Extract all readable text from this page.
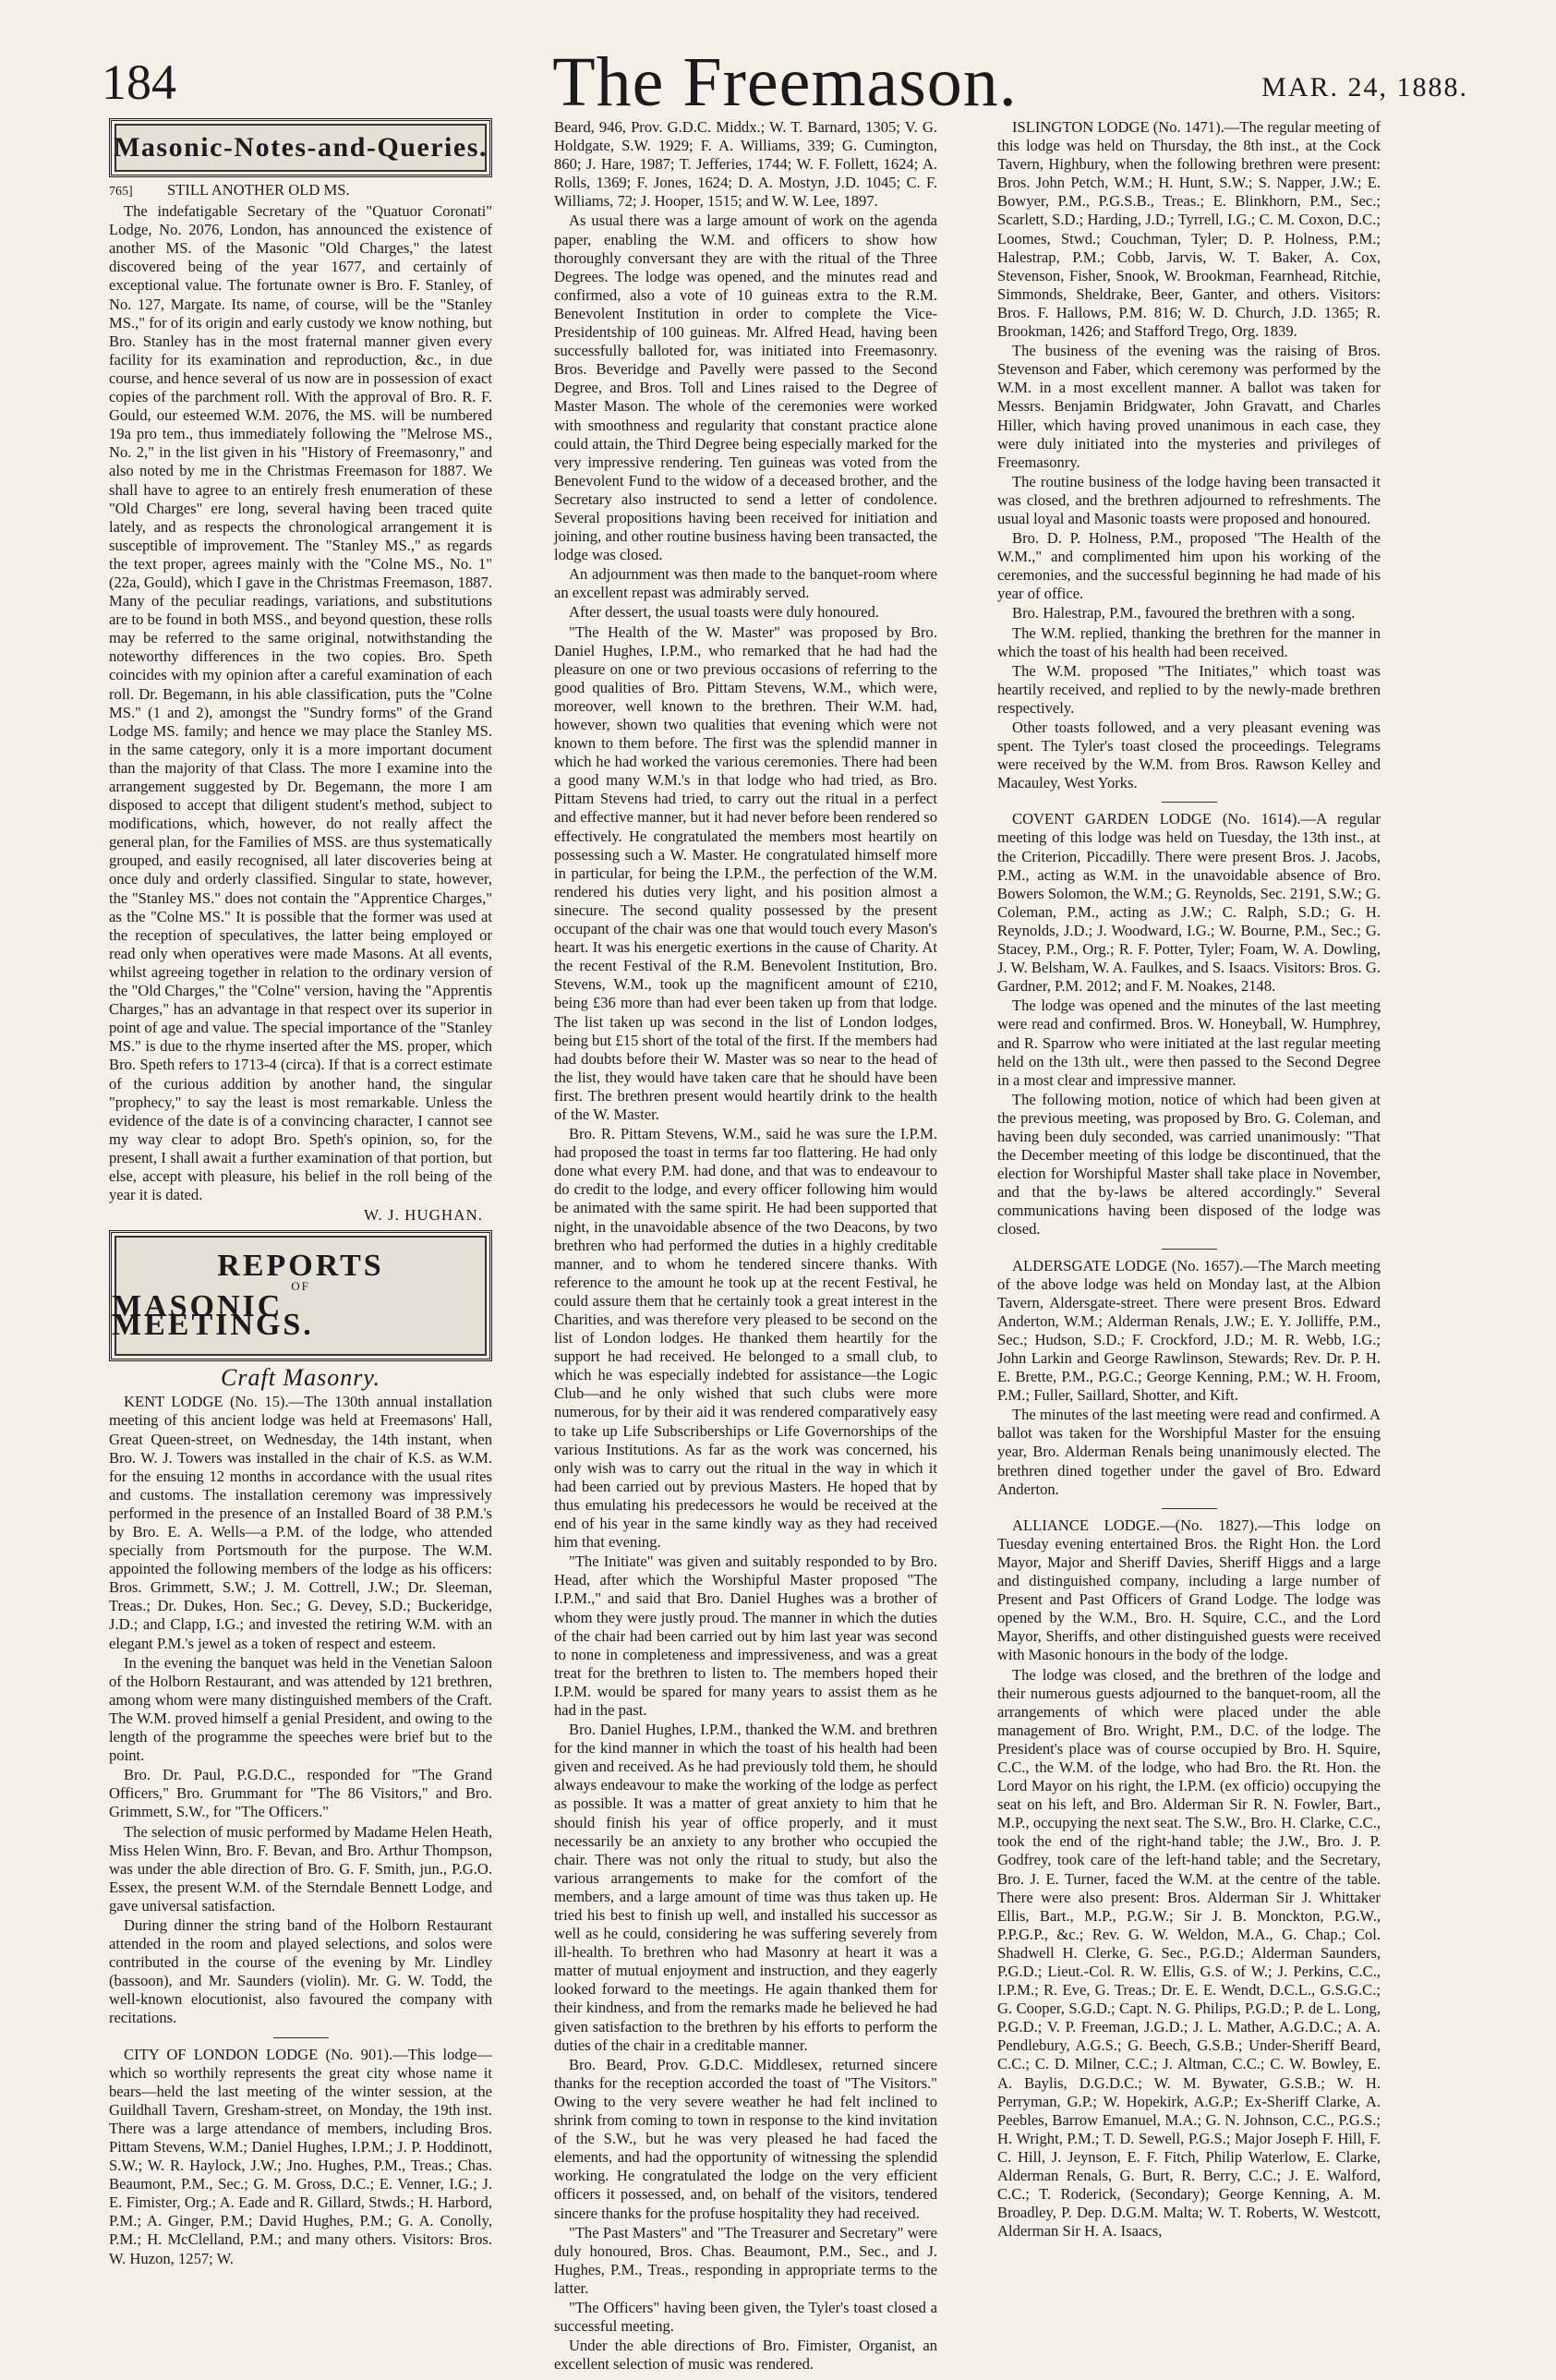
184	The Freemason.	MAR. 24, 1888.
Masonic-Notes-and-Queries.

765] STILL ANOTHER OLD MS.

The indefatigable Secretary of the "Quatuor Coronati" Lodge, No. 2076, London, has announced the existence of another MS. of the Masonic "Old Charges," the latest discovered being of the year 1677, and certainly of exceptional value. The fortunate owner is Bro. F. Stanley, of No. 127, Margate. Its name, of course, will be the "Stanley MS.," for of its origin and early custody we know nothing, but Bro. Stanley has in the most fraternal manner given every facility for its examination and reproduction, &c., in due course, and hence several of us now are in possession of exact copies of the parchment roll. With the approval of Bro. R. F. Gould, our esteemed W.M. 2076, the MS. will be numbered 19a pro tem., thus immediately following the "Melrose MS., No. 2," in the list given in his "History of Freemasonry," and also noted by me in the Christmas Freemason for 1887. We shall have to agree to an entirely fresh enumeration of these "Old Charges" ere long, several having been traced quite lately, and as respects the chronological arrangement it is susceptible of improvement. The "Stanley MS.," as regards the text proper, agrees mainly with the "Colne MS., No. 1" (22a, Gould), which I gave in the Christmas Freemason, 1887. Many of the peculiar readings, variations, and substitutions are to be found in both MSS., and beyond question, these rolls may be referred to the same original, notwithstanding the noteworthy differences in the two copies. Bro. Speth coincides with my opinion after a careful examination of each roll. Dr. Begemann, in his able classification, puts the "Colne MS." (1 and 2), amongst the "Sundry forms" of the Grand Lodge MS. family; and hence we may place the Stanley MS. in the same category, only it is a more important document than the majority of that Class. The more I examine into the arrangement suggested by Dr. Begemann, the more I am disposed to accept that diligent student's method, subject to modifications, which, however, do not really affect the general plan, for the Families of MSS. are thus systematically grouped, and easily recognised, all later discoveries being at once duly and orderly classified. Singular to state, however, the "Stanley MS." does not contain the "Apprentice Charges," as the "Colne MS." It is possible that the former was used at the reception of speculatives, the latter being employed or read only when operatives were made Masons. At all events, whilst agreeing together in relation to the ordinary version of the "Old Charges," the "Colne" version, having the "Apprentis Charges," has an advantage in that respect over its superior in point of age and value. The special importance of the "Stanley MS." is due to the rhyme inserted after the MS. proper, which Bro. Speth refers to 1713-4 (circa). If that is a correct estimate of the curious addition by another hand, the singular "prophecy," to say the least is most remarkable. Unless the evidence of the date is of a convincing character, I cannot see my way clear to adopt Bro. Speth's opinion, so, for the present, I shall await a further examination of that portion, but else, accept with pleasure, his belief in the roll being of the year it is dated.

W. J. HUGHAN.
REPORTS
OF
MASONIC MEETINGS.
Craft Masonry.

KENT LODGE (No. 15).—The 130th annual installation meeting of this ancient lodge was held at Freemasons' Hall, Great Queen-street, on Wednesday, the 14th instant, when Bro. W. J. Towers was installed in the chair of K.S. as W.M. for the ensuing 12 months in accordance with the usual rites and customs. The installation ceremony was impressively performed in the presence of an Installed Board of 38 P.M.'s by Bro. E. A. Wells—a P.M. of the lodge, who attended specially from Portsmouth for the purpose. The W.M. appointed the following members of the lodge as his officers: Bros. Grimmett, S.W.; J. M. Cottrell, J.W.; Dr. Sleeman, Treas.; Dr. Dukes, Hon. Sec.; G. Devey, S.D.; Buckeridge, J.D.; and Clapp, I.G.; and invested the retiring W.M. with an elegant P.M.'s jewel as a token of respect and esteem.

In the evening the banquet was held in the Venetian Saloon of the Holborn Restaurant, and was attended by 121 brethren, among whom were many distinguished members of the Craft. The W.M. proved himself a genial President, and owing to the length of the programme the speeches were brief but to the point.

Bro. Dr. Paul, P.G.D.C., responded for "The Grand Officers," Bro. Grummant for "The 86 Visitors," and Bro. Grimmett, S.W., for "The Officers."

The selection of music performed by Madame Helen Heath, Miss Helen Winn, Bro. F. Bevan, and Bro. Arthur Thompson, was under the able direction of Bro. G. F. Smith, jun., P.G.O. Essex, the present W.M. of the Sterndale Bennett Lodge, and gave universal satisfaction.

During dinner the string band of the Holborn Restaurant attended in the room and played selections, and solos were contributed in the course of the evening by Mr. Lindley (bassoon), and Mr. Saunders (violin). Mr. G. W. Todd, the well-known elocutionist, also favoured the company with recitations.

CITY OF LONDON LODGE (No. 901).—This lodge—which so worthily represents the great city whose name it bears—held the last meeting of the winter session, at the Guildhall Tavern, Gresham-street, on Monday, the 19th inst. There was a large attendance of members, including Bros. Pittam Stevens, W.M.; Daniel Hughes, I.P.M.; J. P. Hoddinott, S.W.; W. R. Haylock, J.W.; Jno. Hughes, P.M., Treas.; Chas. Beaumont, P.M., Sec.; G. M. Gross, D.C.; E. Venner, I.G.; J. E. Fimister, Org.; A. Eade and R. Gillard, Stwds.; H. Harbord, P.M.; A. Ginger, P.M.; David Hughes, P.M.; G. A. Conolly, P.M.; H. McClelland, P.M.; and many others. Visitors: Bros. W. Huzon, 1257; W.

Beard, 946, Prov. G.D.C. Middx.; W. T. Barnard, 1305; V. G. Holdgate, S.W. 1929; F. A. Williams, 339; G. Cumington, 860; J. Hare, 1987; T. Jefferies, 1744; W. F. Follett, 1624; A. Rolls, 1369; F. Jones, 1624; D. A. Mostyn, J.D. 1045; C. F. Williams, 72; J. Hooper, 1515; and W. W. Lee, 1897.

As usual there was a large amount of work on the agenda paper, enabling the W.M. and officers to show how thoroughly conversant they are with the ritual of the Three Degrees. The lodge was opened, and the minutes read and confirmed, also a vote of 10 guineas extra to the R.M. Benevolent Institution in order to complete the Vice-Presidentship of 100 guineas. Mr. Alfred Head, having been successfully balloted for, was initiated into Freemasonry. Bros. Beveridge and Pavelly were passed to the Second Degree, and Bros. Toll and Lines raised to the Degree of Master Mason. The whole of the ceremonies were worked with smoothness and regularity that constant practice alone could attain, the Third Degree being especially marked for the very impressive rendering. Ten guineas was voted from the Benevolent Fund to the widow of a deceased brother, and the Secretary also instructed to send a letter of condolence. Several propositions having been received for initiation and joining, and other routine business having been transacted, the lodge was closed.

An adjournment was then made to the banquet-room where an excellent repast was admirably served.

After dessert, the usual toasts were duly honoured.

"The Health of the W. Master" was proposed by Bro. Daniel Hughes, I.P.M., who remarked that he had had the pleasure on one or two previous occasions of referring to the good qualities of Bro. Pittam Stevens, W.M., which were, moreover, well known to the brethren. Their W.M. had, however, shown two qualities that evening which were not known to them before. The first was the splendid manner in which he had worked the various ceremonies. There had been a good many W.M.'s in that lodge who had tried, as Bro. Pittam Stevens had tried, to carry out the ritual in a perfect and effective manner, but it had never before been rendered so effectively. He congratulated the members most heartily on possessing such a W. Master. He congratulated himself more in particular, for being the I.P.M., the perfection of the W.M. rendered his duties very light, and his position almost a sinecure. The second quality possessed by the present occupant of the chair was one that would touch every Mason's heart. It was his energetic exertions in the cause of Charity. At the recent Festival of the R.M. Benevolent Institution, Bro. Stevens, W.M., took up the magnificent amount of £210, being £36 more than had ever been taken up from that lodge. The list taken up was second in the list of London lodges, being but £15 short of the total of the first. If the members had had doubts before their W. Master was so near to the head of the list, they would have taken care that he should have been first. The brethren present would heartily drink to the health of the W. Master.

Bro. R. Pittam Stevens, W.M., said he was sure the I.P.M. had proposed the toast in terms far too flattering. He had only done what every P.M. had done, and that was to endeavour to do credit to the lodge, and every officer following him would be animated with the same spirit. He had been supported that night, in the unavoidable absence of the two Deacons, by two brethren who had performed the duties in a highly creditable manner, and to whom he tendered sincere thanks. With reference to the amount he took up at the recent Festival, he could assure them that he certainly took a great interest in the Charities, and was therefore very pleased to be second on the list of London lodges. He thanked them heartily for the support he had received. He belonged to a small club, to which he was especially indebted for assistance—the Logic Club—and he only wished that such clubs were more numerous, for by their aid it was rendered comparatively easy to take up Life Subscriberships or Life Governorships of the various Institutions. As far as the work was concerned, his only wish was to carry out the ritual in the way in which it had been carried out by previous Masters. He hoped that by thus emulating his predecessors he would be received at the end of his year in the same kindly way as they had received him that evening.

"The Initiate" was given and suitably responded to by Bro. Head, after which the Worshipful Master proposed "The I.P.M.," and said that Bro. Daniel Hughes was a brother of whom they were justly proud. The manner in which the duties of the chair had been carried out by him last year was second to none in completeness and impressiveness, and was a great treat for the brethren to listen to. The members hoped their I.P.M. would be spared for many years to assist them as he had in the past.

Bro. Daniel Hughes, I.P.M., thanked the W.M. and brethren for the kind manner in which the toast of his health had been given and received. As he had previously told them, he should always endeavour to make the working of the lodge as perfect as possible. It was a matter of great anxiety to him that he should finish his year of office properly, and it must necessarily be an anxiety to any brother who occupied the chair. There was not only the ritual to study, but also the various arrangements to make for the comfort of the members, and a large amount of time was thus taken up. He tried his best to finish up well, and installed his successor as well as he could, considering he was suffering severely from ill-health. To brethren who had Masonry at heart it was a matter of mutual enjoyment and instruction, and they eagerly looked forward to the meetings. He again thanked them for their kindness, and from the remarks made he believed he had given satisfaction to the brethren by his efforts to perform the duties of the chair in a creditable manner.

Bro. Beard, Prov. G.D.C. Middlesex, returned sincere thanks for the reception accorded the toast of "The Visitors." Owing to the very severe weather he had felt inclined to shrink from coming to town in response to the kind invitation of the S.W., but he was very pleased he had faced the elements, and had the opportunity of witnessing the splendid working. He congratulated the lodge on the very efficient officers it possessed, and, on behalf of the visitors, tendered sincere thanks for the profuse hospitality they had received.

"The Past Masters" and "The Treasurer and Secretary" were duly honoured, Bros. Chas. Beaumont, P.M., Sec., and J. Hughes, P.M., Treas., responding in appropriate terms to the latter.

"The Officers" having been given, the Tyler's toast closed a successful meeting.

Under the able directions of Bro. Fimister, Organist, an excellent selection of music was rendered.

ISLINGTON LODGE (No. 1471).—The regular meeting of this lodge was held on Thursday, the 8th inst., at the Cock Tavern, Highbury, when the following brethren were present: Bros. John Petch, W.M.; H. Hunt, S.W.; S. Napper, J.W.; E. Bowyer, P.M., P.G.S.B., Treas.; E. Blinkhorn, P.M., Sec.; Scarlett, S.D.; Harding, J.D.; Tyrrell, I.G.; C. M. Coxon, D.C.; Loomes, Stwd.; Couchman, Tyler; D. P. Holness, P.M.; Halestrap, P.M.; Cobb, Jarvis, W. T. Baker, A. Cox, Stevenson, Fisher, Snook, W. Brookman, Fearnhead, Ritchie, Simmonds, Sheldrake, Beer, Ganter, and others. Visitors: Bros. F. Hallows, P.M. 816; W. D. Church, J.D. 1365; R. Brookman, 1426; and Stafford Trego, Org. 1839.

The business of the evening was the raising of Bros. Stevenson and Faber, which ceremony was performed by the W.M. in a most excellent manner. A ballot was taken for Messrs. Benjamin Bridgwater, John Gravatt, and Charles Hiller, which having proved unanimous in each case, they were duly initiated into the mysteries and privileges of Freemasonry.

The routine business of the lodge having been transacted it was closed, and the brethren adjourned to refreshments. The usual loyal and Masonic toasts were proposed and honoured.

Bro. D. P. Holness, P.M., proposed "The Health of the W.M.," and complimented him upon his working of the ceremonies, and the successful beginning he had made of his year of office.

Bro. Halestrap, P.M., favoured the brethren with a song.

The W.M. replied, thanking the brethren for the manner in which the toast of his health had been received.

The W.M. proposed "The Initiates," which toast was heartily received, and replied to by the newly-made brethren respectively.

Other toasts followed, and a very pleasant evening was spent. The Tyler's toast closed the proceedings. Telegrams were received by the W.M. from Bros. Rawson Kelley and Macauley, West Yorks.

COVENT GARDEN LODGE (No. 1614).—A regular meeting of this lodge was held on Tuesday, the 13th inst., at the Criterion, Piccadilly. There were present Bros. J. Jacobs, P.M., acting as W.M. in the unavoidable absence of Bro. Bowers Solomon, the W.M.; G. Reynolds, Sec. 2191, S.W.; G. Coleman, P.M., acting as J.W.; C. Ralph, S.D.; G. H. Reynolds, J.D.; J. Woodward, I.G.; W. Bourne, P.M., Sec.; G. Stacey, P.M., Org.; R. F. Potter, Tyler; Foam, W. A. Dowling, J. W. Belsham, W. A. Faulkes, and S. Isaacs. Visitors: Bros. G. Gardner, P.M. 2012; and F. M. Noakes, 2148.

The lodge was opened and the minutes of the last meeting were read and confirmed. Bros. W. Honeyball, W. Humphrey, and R. Sparrow who were initiated at the last regular meeting held on the 13th ult., were then passed to the Second Degree in a most clear and impressive manner.

The following motion, notice of which had been given at the previous meeting, was proposed by Bro. G. Coleman, and having been duly seconded, was carried unanimously: "That the December meeting of this lodge be discontinued, that the election for Worshipful Master shall take place in November, and that the by-laws be altered accordingly." Several communications having been disposed of the lodge was closed.

ALDERSGATE LODGE (No. 1657).—The March meeting of the above lodge was held on Monday last, at the Albion Tavern, Aldersgate-street. There were present Bros. Edward Anderton, W.M.; Alderman Renals, J.W.; E. Y. Jolliffe, P.M., Sec.; Hudson, S.D.; F. Crockford, J.D.; M. R. Webb, I.G.; John Larkin and George Rawlinson, Stewards; Rev. Dr. P. H. E. Brette, P.M., P.G.C.; George Kenning, P.M.; W. H. Froom, P.M.; Fuller, Saillard, Shotter, and Kift.

The minutes of the last meeting were read and confirmed. A ballot was taken for the Worshipful Master for the ensuing year, Bro. Alderman Renals being unanimously elected. The brethren dined together under the gavel of Bro. Edward Anderton.

ALLIANCE LODGE.—(No. 1827).—This lodge on Tuesday evening entertained Bros. the Right Hon. the Lord Mayor, Major and Sheriff Davies, Sheriff Higgs and a large and distinguished company, including a large number of Present and Past Officers of Grand Lodge. The lodge was opened by the W.M., Bro. H. Squire, C.C., and the Lord Mayor, Sheriffs, and other distinguished guests were received with Masonic honours in the body of the lodge.

The lodge was closed, and the brethren of the lodge and their numerous guests adjourned to the banquet-room, all the arrangements of which were placed under the able management of Bro. Wright, P.M., D.C. of the lodge. The President's place was of course occupied by Bro. H. Squire, C.C., the W.M. of the lodge, who had Bro. the Rt. Hon. the Lord Mayor on his right, the I.P.M. (ex officio) occupying the seat on his left, and Bro. Alderman Sir R. N. Fowler, Bart., M.P., occupying the next seat. The S.W., Bro. H. Clarke, C.C., took the end of the right-hand table; the J.W., Bro. J. P. Godfrey, took care of the left-hand table; and the Secretary, Bro. J. E. Turner, faced the W.M. at the centre of the table. There were also present: Bros. Alderman Sir J. Whittaker Ellis, Bart., M.P., P.G.W.; Sir J. B. Monckton, P.G.W., P.P.G.P., &c.; Rev. G. W. Weldon, M.A., G. Chap.; Col. Shadwell H. Clerke, G. Sec., P.G.D.; Alderman Saunders, P.G.D.; Lieut.-Col. R. W. Ellis, G.S. of W.; J. Perkins, C.C., I.P.M.; R. Eve, G. Treas.; Dr. E. E. Wendt, D.C.L., G.S.G.C.; G. Cooper, S.G.D.; Capt. N. G. Philips, P.G.D.; P. de L. Long, P.G.D.; V. P. Freeman, J.G.D.; J. L. Mather, A.G.D.C.; A. A. Pendlebury, A.G.S.; G. Beech, G.S.B.; Under-Sheriff Beard, C.C.; C. D. Milner, C.C.; J. Altman, C.C.; C. W. Bowley, E. A. Baylis, D.G.D.C.; W. M. Bywater, G.S.B.; W. H. Perryman, G.P.; W. Hopekirk, A.G.P.; Ex-Sheriff Clarke, A. Peebles, Barrow Emanuel, M.A.; G. N. Johnson, C.C., P.G.S.; H. Wright, P.M.; T. D. Sewell, P.G.S.; Major Joseph F. Hill, F. C. Hill, J. Jeynson, E. F. Fitch, Philip Waterlow, E. Clarke, Alderman Renals, G. Burt, R. Berry, C.C.; J. E. Walford, C.C.; T. Roderick, (Secondary); George Kenning, A. M. Broadley, P. Dep. D.G.M. Malta; W. T. Roberts, W. Westcott, Alderman Sir H. A. Isaacs,
